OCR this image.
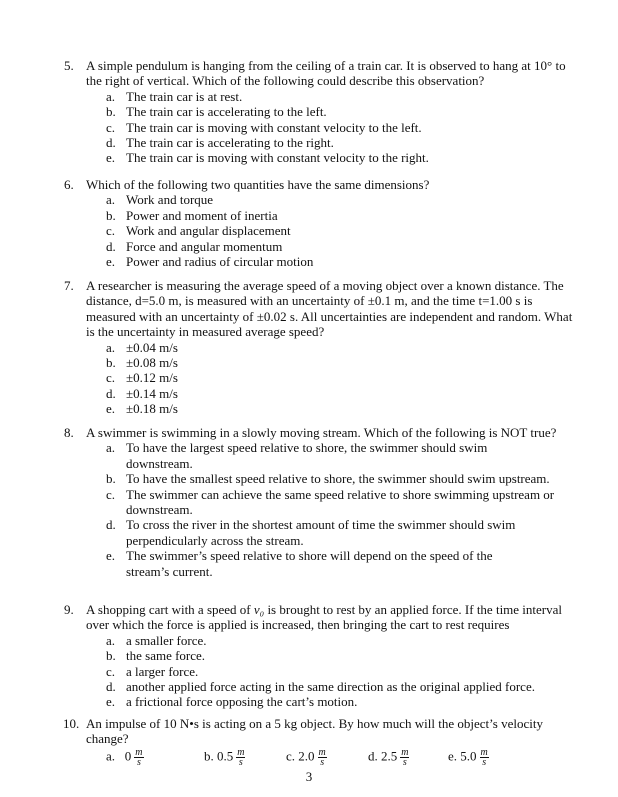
5. A simple pendulum is hanging from the ceiling of a train car. It is observed to hang at 10° to the right of vertical. Which of the following could describe this observation?
a. The train car is at rest.
b. The train car is accelerating to the left.
c. The train car is moving with constant velocity to the left.
d. The train car is accelerating to the right.
e. The train car is moving with constant velocity to the right.
6. Which of the following two quantities have the same dimensions?
a. Work and torque
b. Power and moment of inertia
c. Work and angular displacement
d. Force and angular momentum
e. Power and radius of circular motion
7. A researcher is measuring the average speed of a moving object over a known distance. The distance, d=5.0 m, is measured with an uncertainty of ±0.1 m, and the time t=1.00 s is measured with an uncertainty of ±0.02 s. All uncertainties are independent and random. What is the uncertainty in measured average speed?
a. ±0.04 m/s
b. ±0.08 m/s
c. ±0.12 m/s
d. ±0.14 m/s
e. ±0.18 m/s
8. A swimmer is swimming in a slowly moving stream. Which of the following is NOT true?
a. To have the largest speed relative to shore, the swimmer should swim downstream.
b. To have the smallest speed relative to shore, the swimmer should swim upstream.
c. The swimmer can achieve the same speed relative to shore swimming upstream or downstream.
d. To cross the river in the shortest amount of time the swimmer should swim perpendicularly across the stream.
e. The swimmer’s speed relative to shore will depend on the speed of the stream’s current.
9. A shopping cart with a speed of v₀ is brought to rest by an applied force. If the time interval over which the force is applied is increased, then bringing the cart to rest requires
a. a smaller force.
b. the same force.
c. a larger force.
d. another applied force acting in the same direction as the original applied force.
e. a frictional force opposing the cart’s motion.
10. An impulse of 10 N•s is acting on a 5 kg object. By how much will the object’s velocity change?
a. $0 \frac{m}{s}$	b. $0.5 \frac{m}{s}$	c. $2.0 \frac{m}{s}$	d. $2.5 \frac{m}{s}$	e. $5.0 \frac{m}{s}$
3
